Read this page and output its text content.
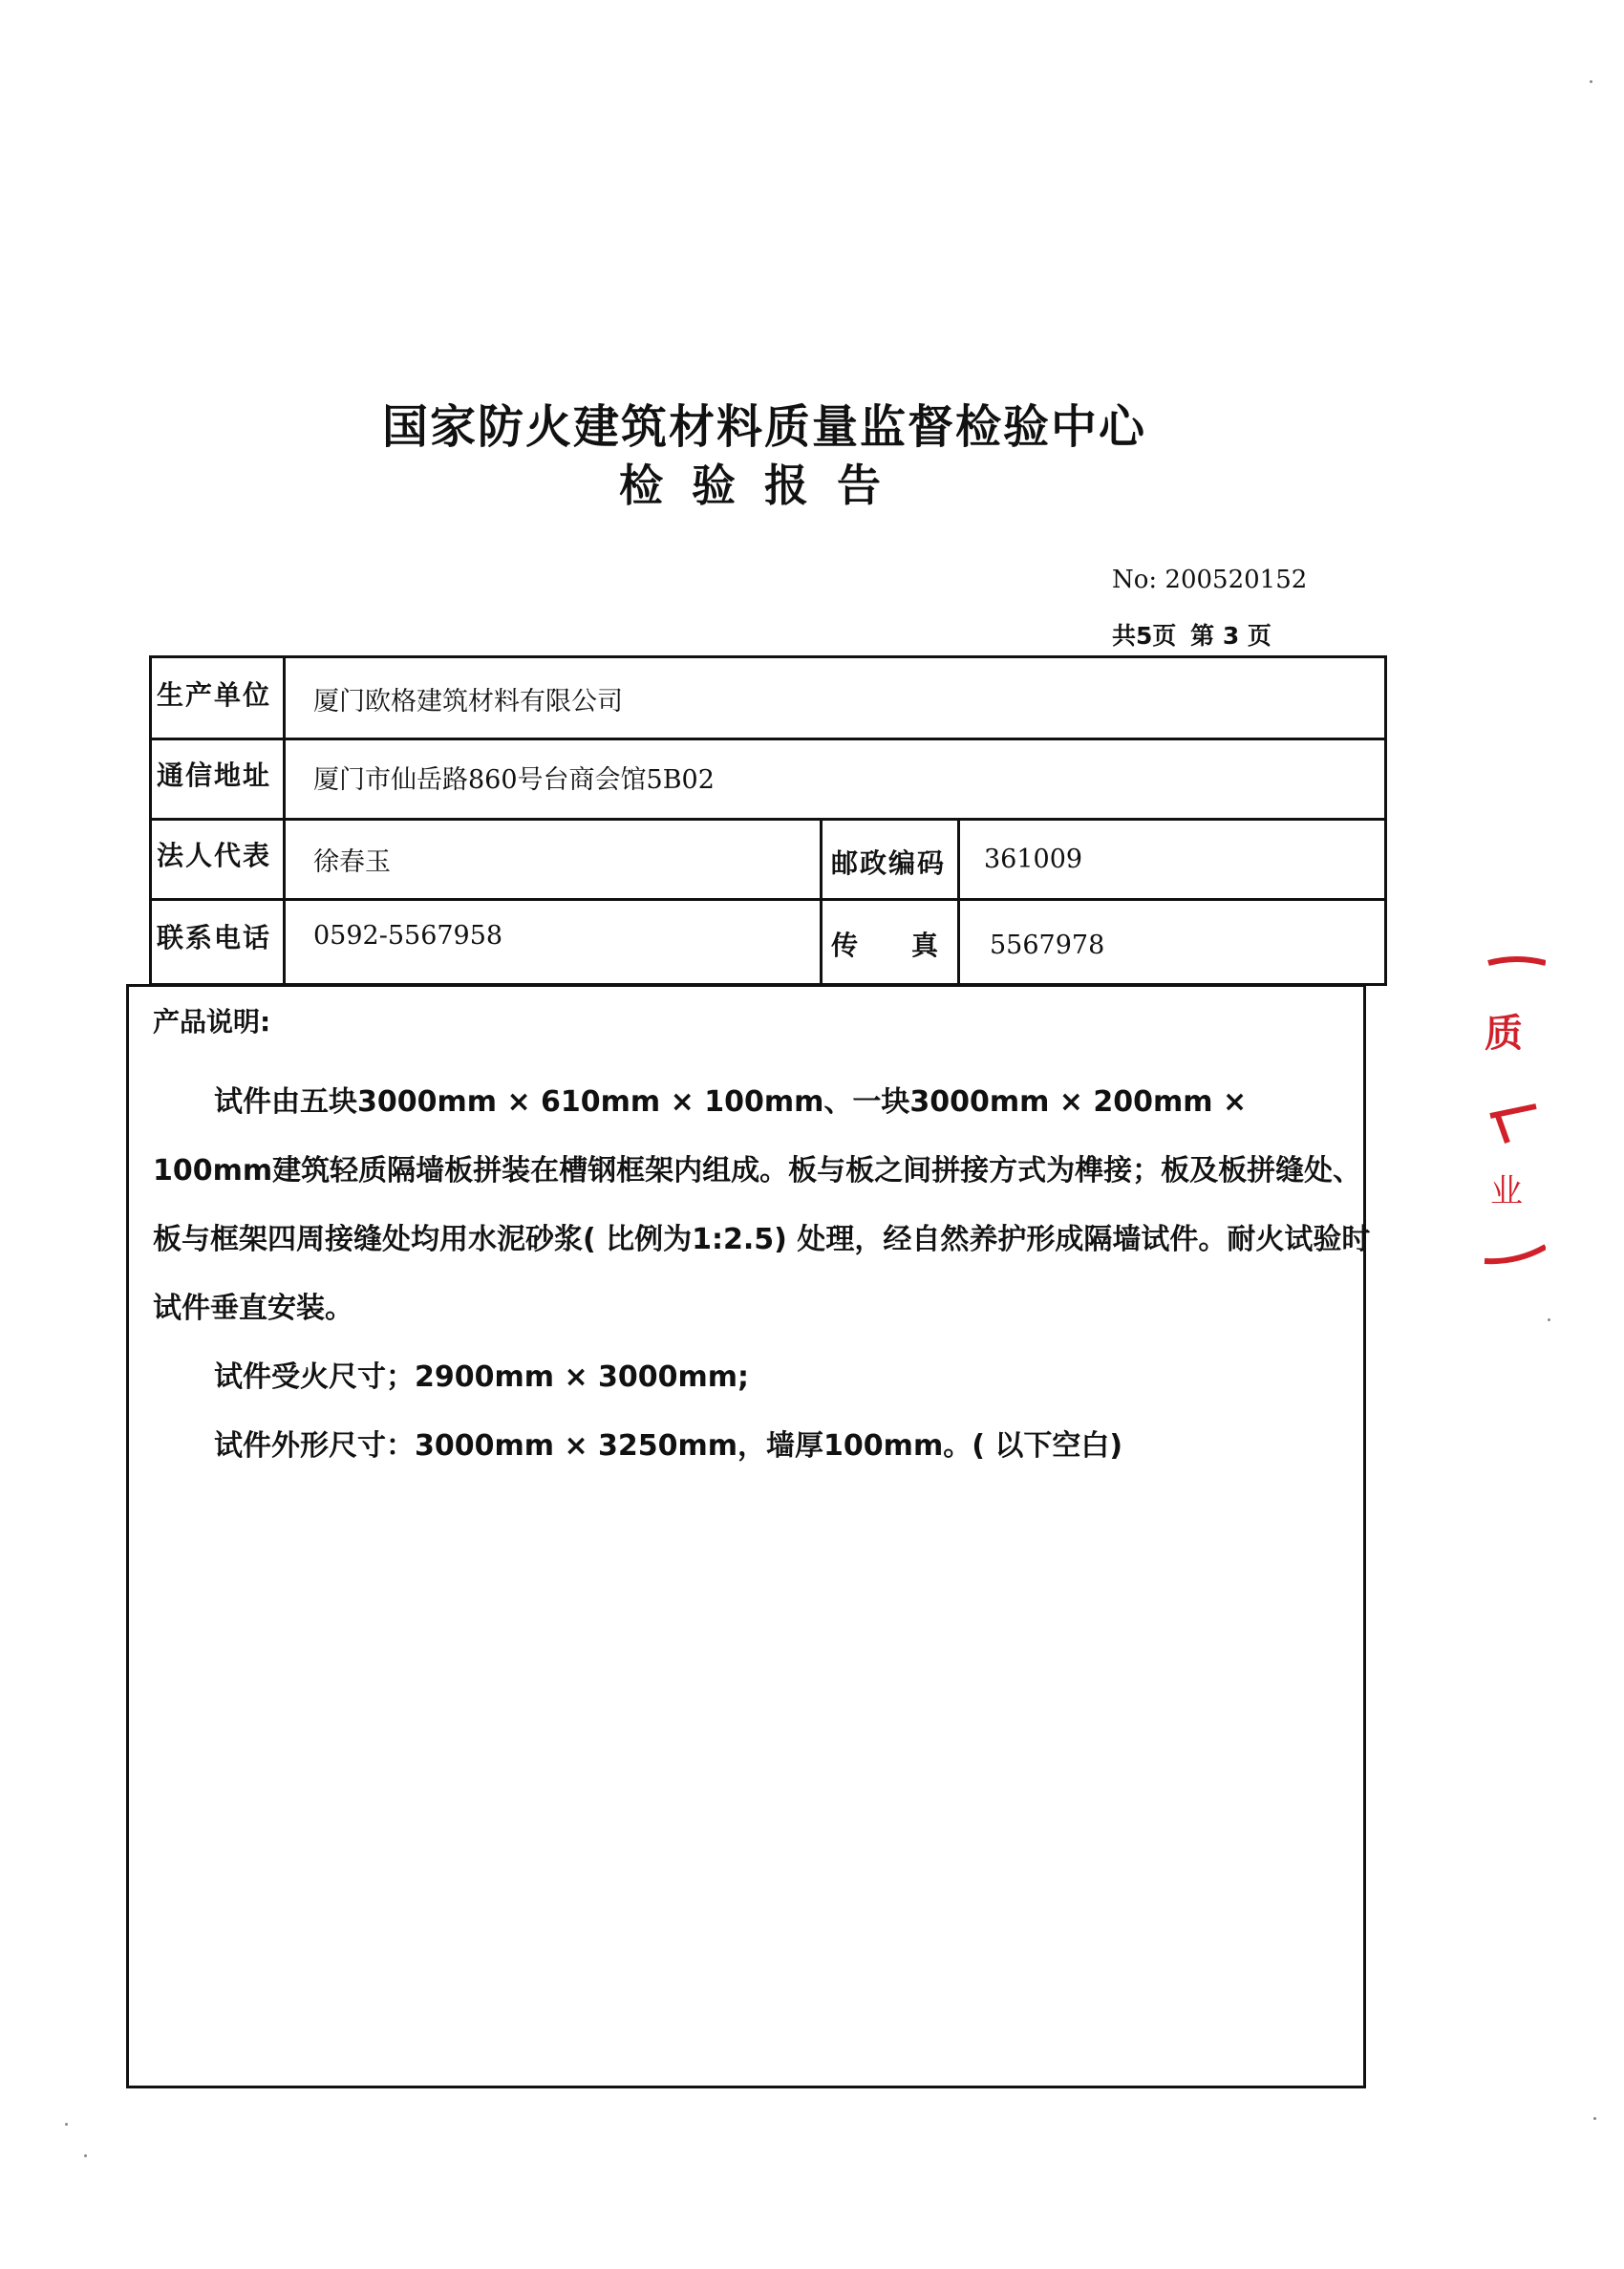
国家防火建筑材料质量监督检验中心
检验报告
No: 200520152
共5页 第 3 页
生产单位 厦门欧格建筑材料有限公司
通信地址 厦门市仙岳路860号台商会馆5B02
法人代表 徐春玉	邮政编码 361009
联系电话 0592-5567958	传　真 5567978
产品说明:

试件由五块3000mm × 610mm × 100mm、一块3000mm × 200mm × 100mm建筑轻质隔墙板拼装在槽钢框架内组成。板与板之间拼接方式为榫接；板及板拼缝处、板与框架四周接缝处均用水泥砂浆( 比例为1:2.5) 处理，经自然养护形成隔墙试件。耐火试验时试件垂直安装。

试件受火尺寸；2900mm × 3000mm;

试件外形尺寸：3000mm × 3250mm，墙厚100mm。( 以下空白)

质
业
